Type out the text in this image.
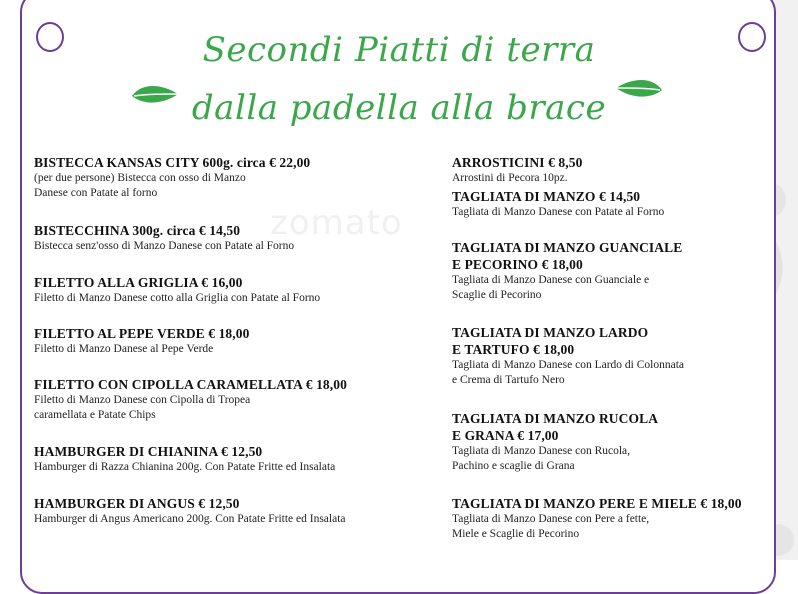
Secondi Piatti di terra
dalla padella alla brace
zomato
BISTECCA KANSAS CITY 600g. circa € 22,00
(per due persone) Bistecca con osso di Manzo
Danese con Patate al forno
BISTECCHINA 300g. circa € 14,50
Bistecca senz'osso di Manzo Danese con Patate al Forno
FILETTO ALLA GRIGLIA € 16,00
Filetto di Manzo Danese cotto alla Griglia con Patate al Forno
FILETTO AL PEPE VERDE € 18,00
Filetto di Manzo Danese al Pepe Verde
FILETTO CON CIPOLLA CARAMELLATA € 18,00
Filetto di Manzo Danese con Cipolla di Tropea
caramellata e Patate Chips
HAMBURGER DI CHIANINA € 12,50
Hamburger di Razza Chianina 200g. Con Patate Fritte ed Insalata
HAMBURGER DI ANGUS € 12,50
Hamburger di Angus Americano 200g. Con Patate Fritte ed Insalata
ARROSTICINI € 8,50
Arrostini di Pecora 10pz.
TAGLIATA DI MANZO € 14,50
Tagliata di Manzo Danese con Patate al Forno
TAGLIATA DI MANZO GUANCIALE
E PECORINO € 18,00
Tagliata di Manzo Danese con Guanciale e
Scaglie di Pecorino
TAGLIATA DI MANZO LARDO
E TARTUFO € 18,00
Tagliata di Manzo Danese con Lardo di Colonnata
e Crema di Tartufo Nero
TAGLIATA DI MANZO RUCOLA
E GRANA € 17,00
Tagliata di Manzo Danese con Rucola,
Pachino e scaglie di Grana
TAGLIATA DI MANZO PERE E MIELE € 18,00
Tagliata di Manzo Danese con Pere a fette,
Miele e Scaglie di Pecorino
